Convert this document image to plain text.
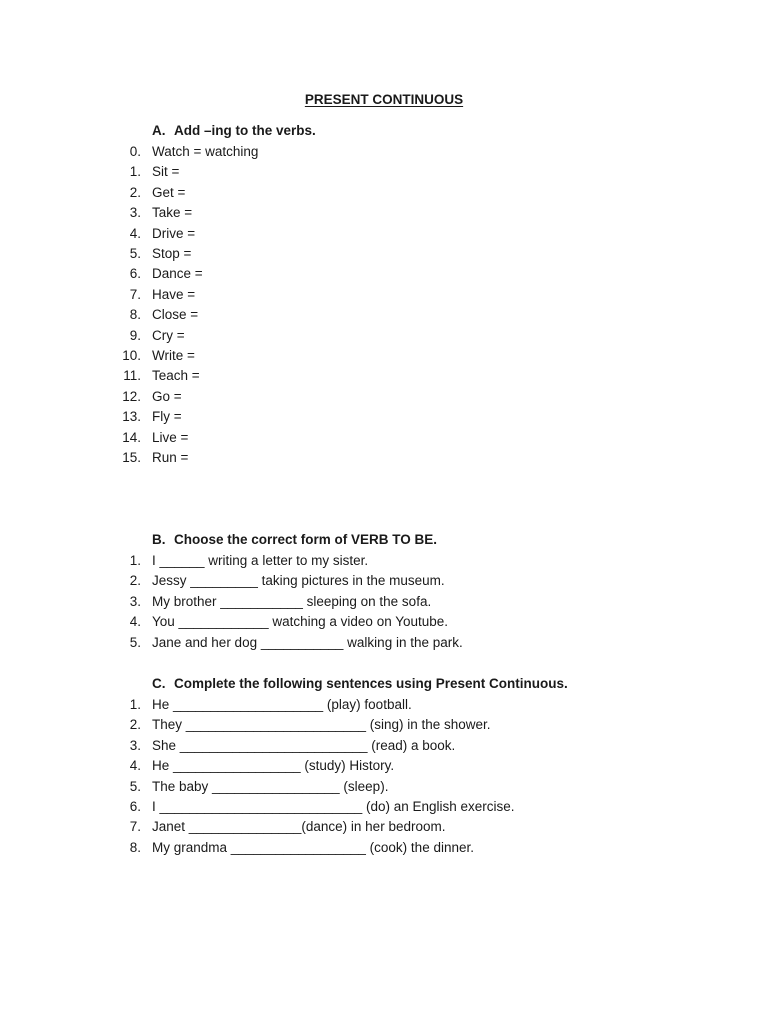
PRESENT CONTINUOUS
A. Add –ing to the verbs.
0. Watch = watching
1. Sit =
2. Get =
3. Take =
4. Drive =
5. Stop =
6. Dance =
7. Have =
8. Close =
9. Cry =
10. Write =
11. Teach =
12. Go =
13. Fly =
14. Live =
15. Run =
B. Choose the correct form of VERB TO BE.
1. I ______ writing a letter to my sister.
2. Jessy _________ taking pictures in the museum.
3. My brother ___________ sleeping on the sofa.
4. You ____________ watching a video on Youtube.
5. Jane and her dog ___________ walking in the park.
C. Complete the following sentences using Present Continuous.
1. He ____________________ (play) football.
2. They ________________________ (sing) in the shower.
3. She _________________________ (read) a book.
4. He _________________ (study) History.
5. The baby _________________ (sleep).
6. I ___________________________ (do) an English exercise.
7. Janet _______________(dance) in her bedroom.
8. My grandma __________________ (cook) the dinner.
